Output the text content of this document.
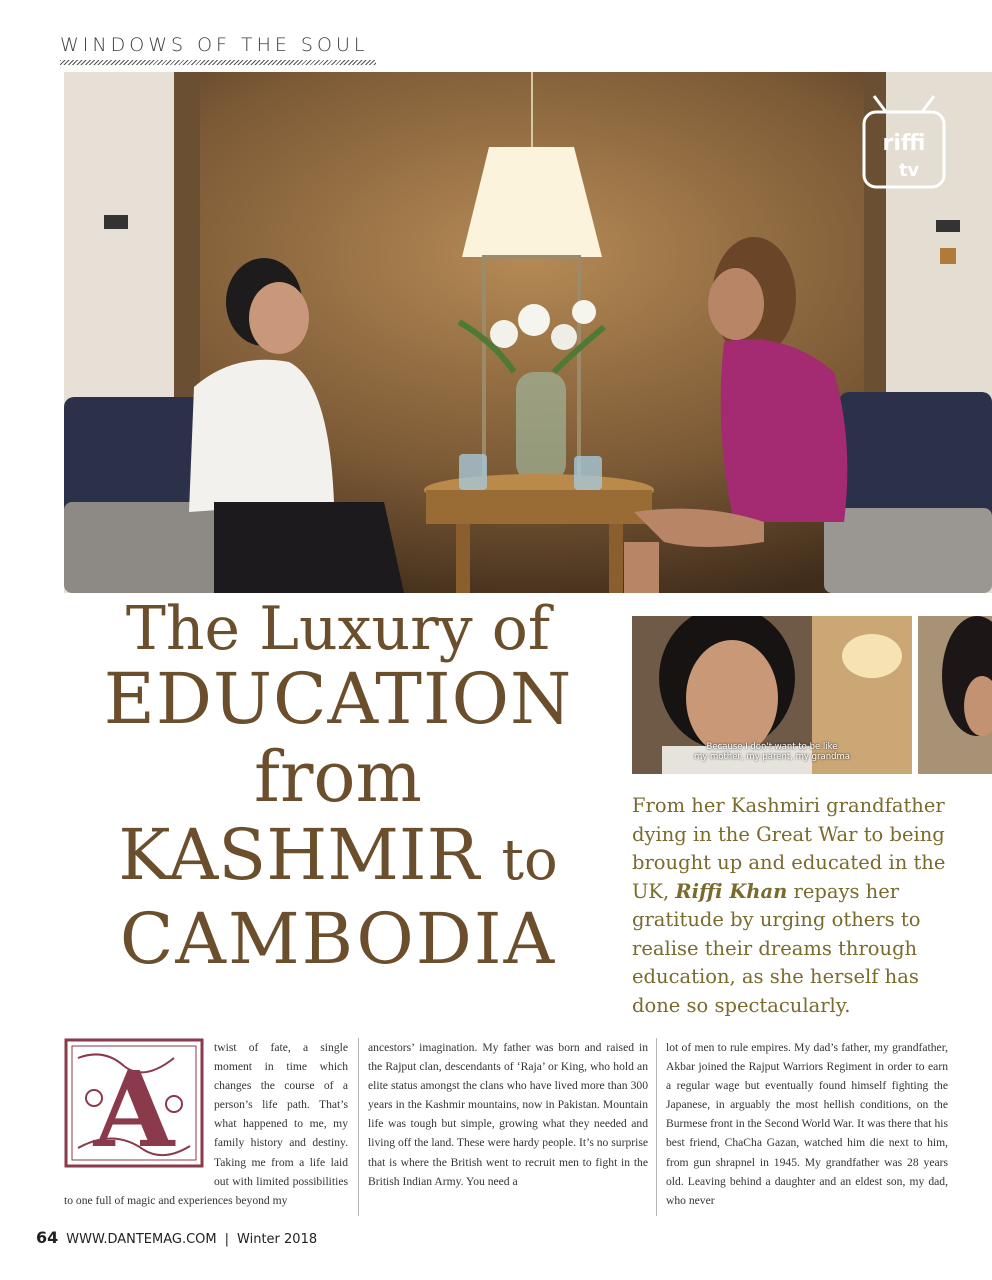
WINDOWS OF THE SOUL
riffi
tv
Because I don't want to be like
my mother, my parent, my grandma
The Luxury of
EDUCATION
from
KASHMIR to
CAMBODIA
From her Kashmiri grandfather dying in the Great War to being brought up and educated in the UK, Riffi Khan repays her gratitude by urging others to realise their dreams through education, as she herself has done so spectacularly.
A
twist of fate, a single moment in time which changes the course of a person’s life path. That’s what happened to me, my family history and destiny. Taking me from a life laid out with limited possibilities to one full of magic and experiences beyond my
ancestors’ imagination. My father was born and raised in the Rajput clan, descendants of ‘Raja’ or King, who hold an elite status amongst the clans who have lived more than 300 years in the Kashmir mountains, now in Pakistan. Mountain life was tough but simple, growing what they needed and living off the land. These were hardy people. It’s no surprise that is where the British went to recruit men to fight in the British Indian Army. You need a
lot of men to rule empires. My dad’s father, my grandfather, Akbar joined the Rajput Warriors Regiment in order to earn a regular wage but eventually found himself fighting the Japanese, in arguably the most hellish conditions, on the Burmese front in the Second World War. It was there that his best friend, ChaCha Gazan, watched him die next to him, from gun shrapnel in 1945. My grandfather was 28 years old. Leaving behind a daughter and an eldest son, my dad, who never
64 WWW.DANTEMAG.COM | Winter 2018
